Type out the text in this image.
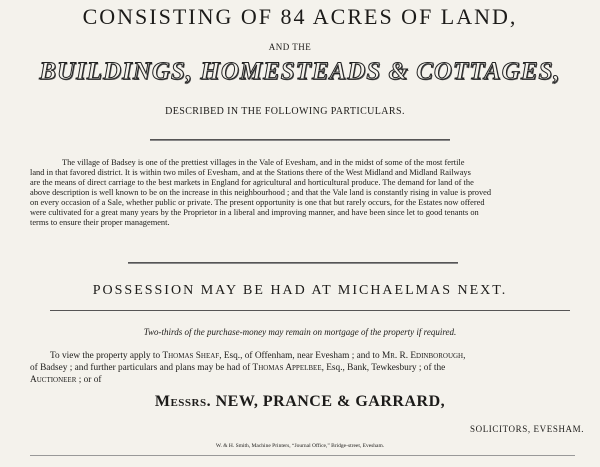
CONSISTING OF 84 ACRES OF LAND,
AND THE
BUILDINGS, HOMESTEADS & COTTAGES,
DESCRIBED IN THE FOLLOWING PARTICULARS.
The village of Badsey is one of the prettiest villages in the Vale of Evesham, and in the midst of some of the most fertile
land in that favored district. It is within two miles of Evesham, and at the Stations there of the West Midland and Midland Railways
are the means of direct carriage to the best markets in England for agricultural and horticultural produce. The demand for land of the
above description is well known to be on the increase in this neighbourhood ; and that the Vale land is constantly rising in value is proved
on every occasion of a Sale, whether public or private. The present opportunity is one that but rarely occurs, for the Estates now offered
were cultivated for a great many years by the Proprietor in a liberal and improving manner, and have been since let to good tenants on
terms to ensure their proper management.
POSSESSION MAY BE HAD AT MICHAELMAS NEXT.
Two-thirds of the purchase-money may remain on mortgage of the property if required.
To view the property apply to Thomas Sheaf, Esq., of Offenham, near Evesham ; and to Mr. R. Edinborough,
of Badsey ; and further particulars and plans may be had of Thomas Appelbee, Esq., Bank, Tewkesbury ; of the
Auctioneer ; or of
Messrs. NEW, PRANCE & GARRARD,
SOLICITORS, EVESHAM.
W. & H. Smith, Machine Printers, “Journal Office,” Bridge-street, Evesham.
